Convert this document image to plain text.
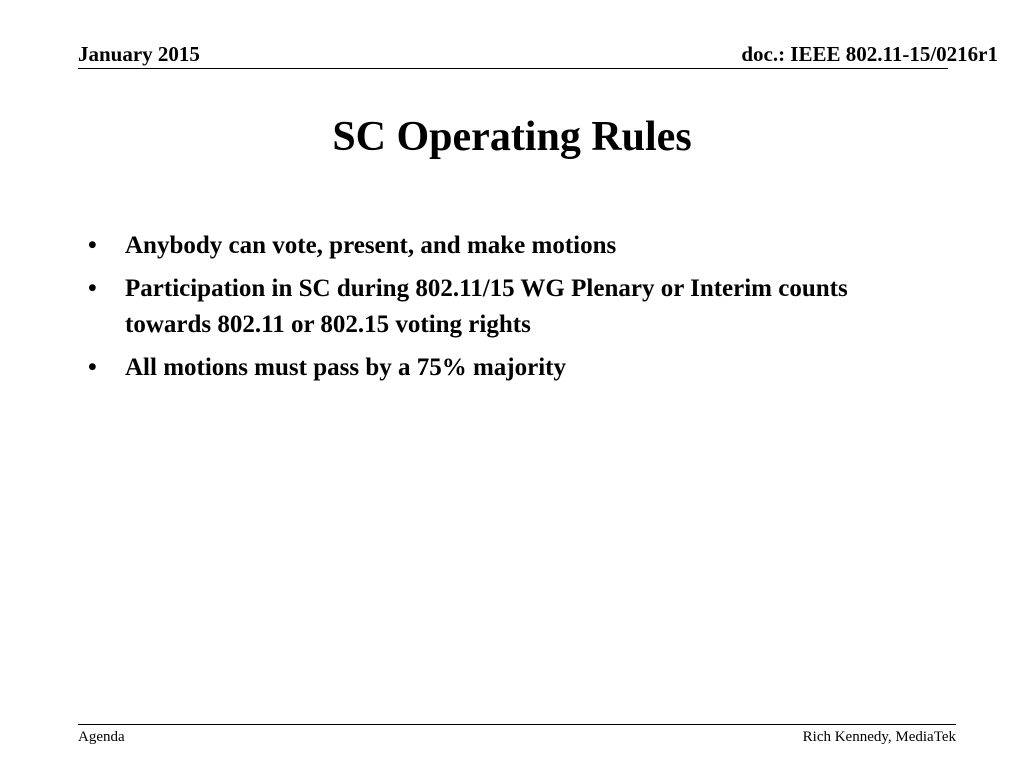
January 2015	doc.: IEEE 802.11-15/0216r1
SC Operating Rules
• Anybody can vote, present, and make motions
• Participation in SC during 802.11/15 WG Plenary or Interim counts towards 802.11 or 802.15 voting rights
• All motions must pass by a 75% majority
Agenda	Rich Kennedy, MediaTek
